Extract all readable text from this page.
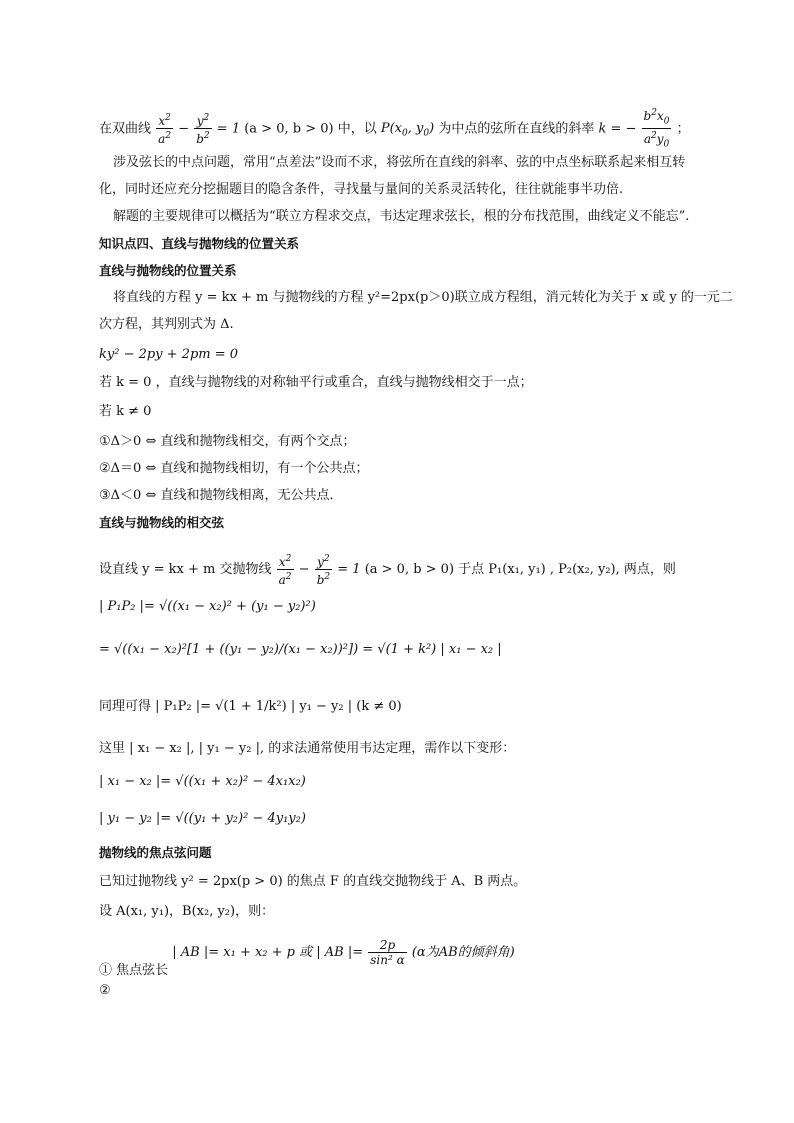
在双曲线 $\frac{x^2}{a^2} - \frac{y^2}{b^2} = 1$ (a > 0, b > 0) 中，以 $P(x_0$, $y_0$) 为中点的弦所在直线的斜率 k = − $\frac{b^2x_0}{a^2y_0}$ ；
涉及弦长的中点问题，常用“点差法”设而不求，将弦所在直线的斜率、弦的中点坐标联系起来相互转
化，同时还应充分挖掘题目的隐含条件，寻找量与量间的关系灵活转化，往往就能事半功倍.
解题的主要规律可以概括为“联立方程求交点，韦达定理求弦长，根的分布找范围，曲线定义不能忘”.
知识点四、直线与抛物线的位置关系
直线与抛物线的位置关系
将直线的方程 y = kx + m 与抛物线的方程 y²=2px(p＞0)联立成方程组，消元转化为关于 x 或 y 的一元二
次方程，其判别式为 Δ.
ky² − 2py + 2pm = 0
若 k = 0 ，直线与抛物线的对称轴平行或重合，直线与抛物线相交于一点；
若 k ≠ 0
①Δ＞0 ⇔ 直线和抛物线相交，有两个交点；
②Δ＝0 ⇔ 直线和抛物线相切，有一个公共点；
③Δ＜0 ⇔ 直线和抛物线相离，无公共点．
直线与抛物线的相交弦
设直线 y = kx + m 交抛物线 $\frac{x^2}{a^2} - \frac{y^2}{b^2} = 1$ (a > 0, b > 0) 于点 P₁(x₁, y₁) , P₂(x₂, y₂), 两点，则
| P₁P₂ |= √((x₁ − x₂)² + (y₁ − y₂)²)
= √((x₁ − x₂)²[1 + ((y₁ − y₂)/(x₁ − x₂))²]) = √(1 + k²) | x₁ − x₂ |
同理可得 | P₁P₂ |= √(1 + 1/k²) | y₁ − y₂ | (k ≠ 0)
这里 | x₁ − x₂ |, | y₁ − y₂ |, 的求法通常使用韦达定理，需作以下变形：
| x₁ − x₂ |= √((x₁ + x₂)² − 4x₁x₂)
| y₁ − y₂ |= √((y₁ + y₂)² − 4y₁y₂)
抛物线的焦点弦问题
已知过抛物线 y² = 2px(p > 0) 的焦点 F 的直线交抛物线于 A、B 两点。
设 A(x₁, y₁)，B(x₂, y₂)，则：
① 焦点弦长 | AB |= x₁ + x₂ + p 或 | AB |= $\frac{2p}{\text{sin² α}} (\alpha$为AB的倾斜角)
②
